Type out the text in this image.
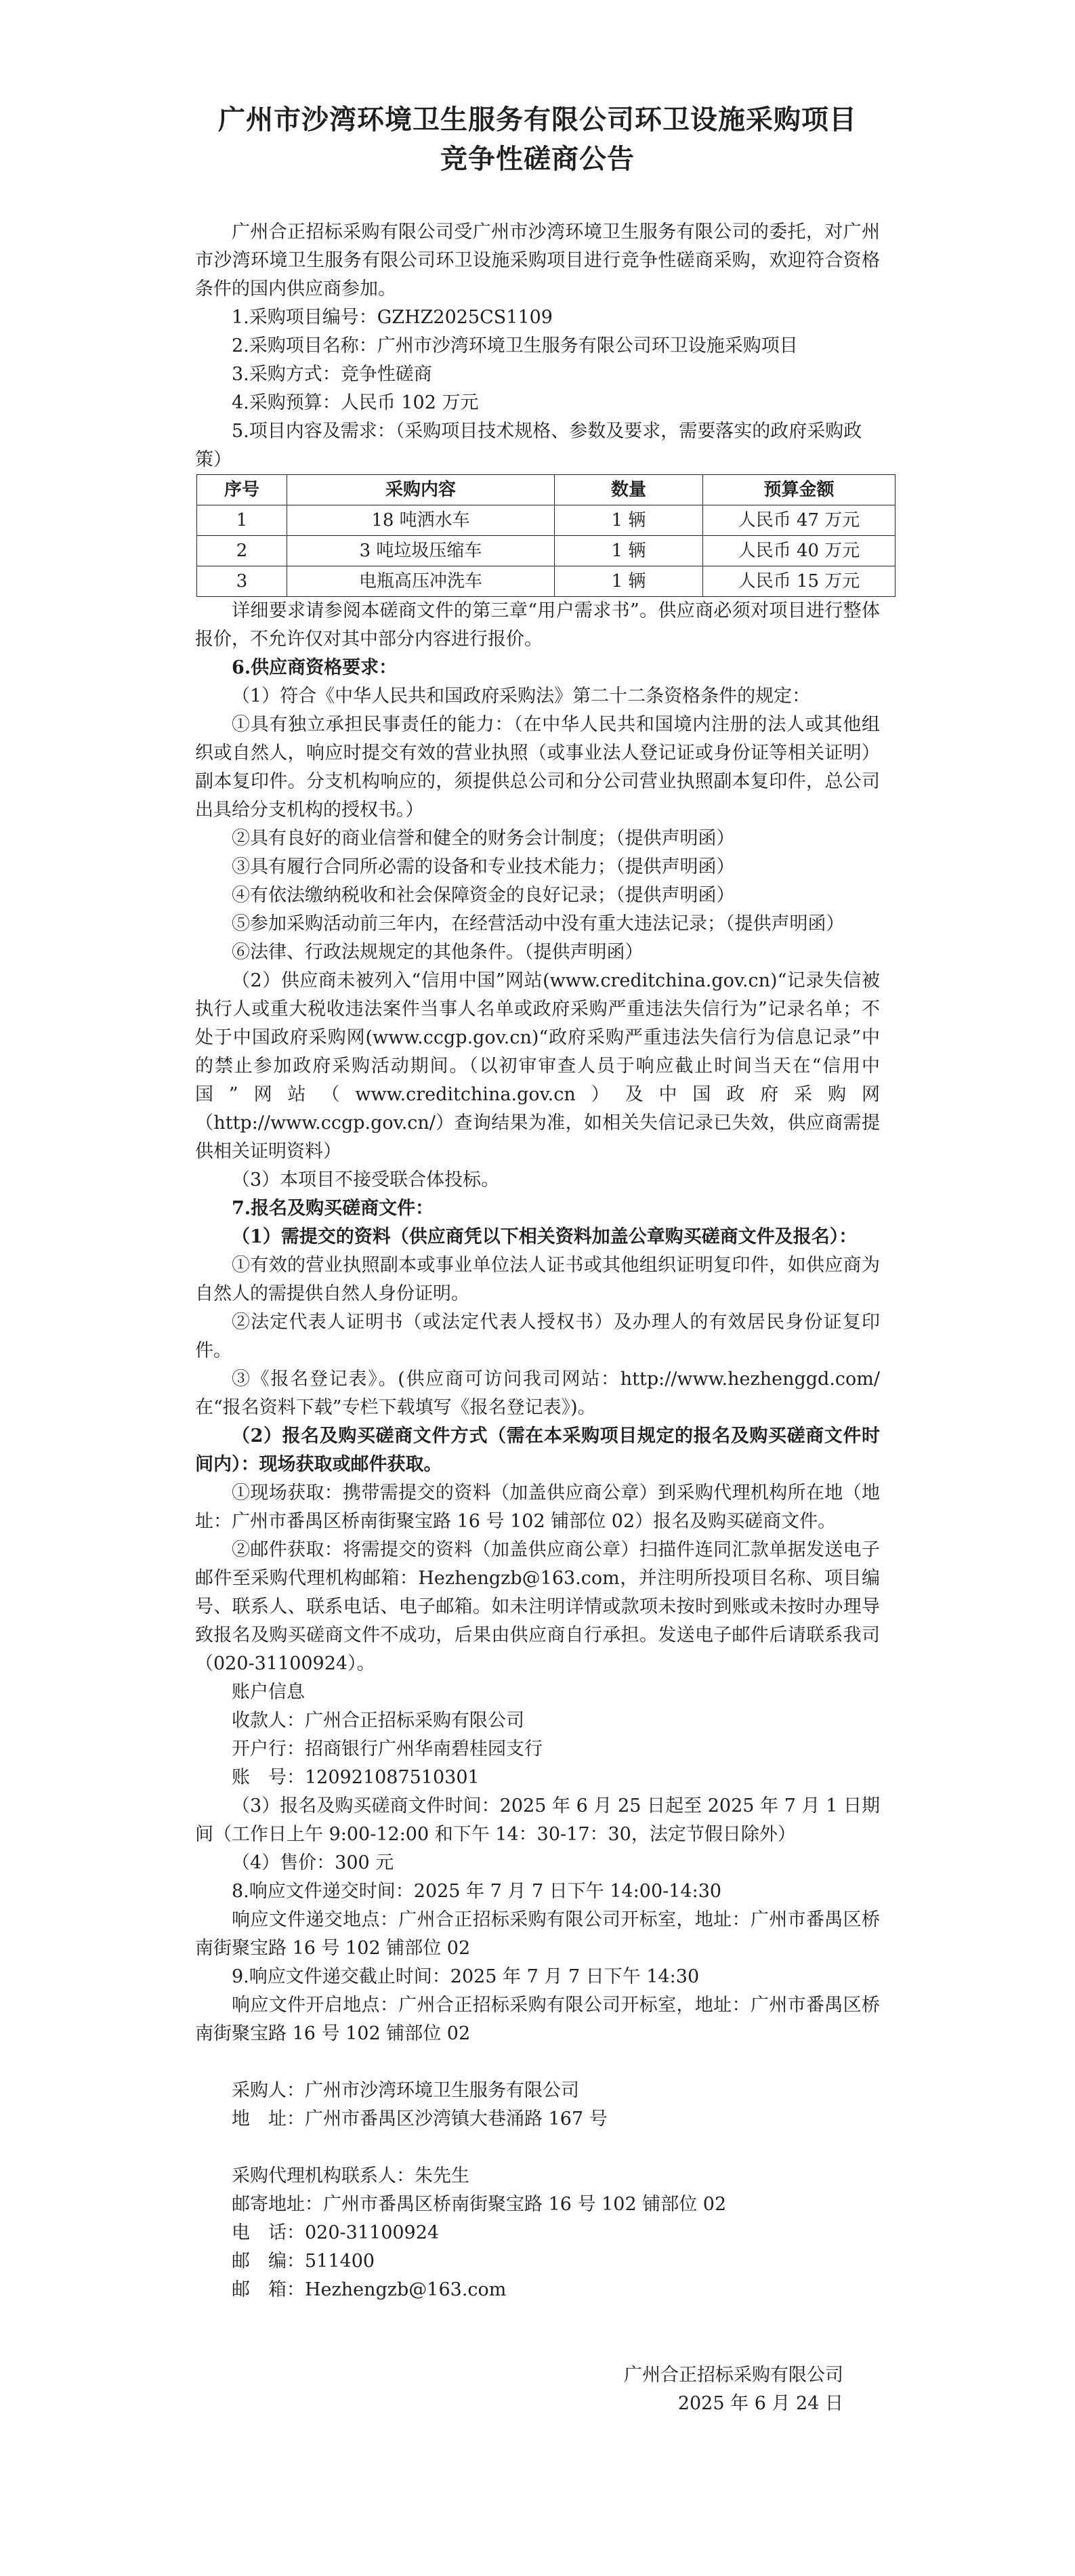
广州市沙湾环境卫生服务有限公司环卫设施采购项目

竞争性磋商公告

广州合正招标采购有限公司受广州市沙湾环境卫生服务有限公司的委托，对广州市沙湾环境卫生服务有限公司环卫设施采购项目进行竞争性磋商采购，欢迎符合资格条件的国内供应商参加。

1.采购项目编号：GZHZ2025CS1109

2.采购项目名称：广州市沙湾环境卫生服务有限公司环卫设施采购项目

3.采购方式：竞争性磋商

4.采购预算：人民币 102 万元

5.项目内容及需求：（采购项目技术规格、参数及要求，需要落实的政府采购政策）

序号	采购内容	数量	预算金额
1	18 吨洒水车	1 辆	人民币 47 万元
2	3 吨垃圾压缩车	1 辆	人民币 40 万元
3	电瓶高压冲洗车	1 辆	人民币 15 万元

详细要求请参阅本磋商文件的第三章“用户需求书”。供应商必须对项目进行整体报价，不允许仅对其中部分内容进行报价。

6.供应商资格要求：

（1）符合《中华人民共和国政府采购法》第二十二条资格条件的规定：

①具有独立承担民事责任的能力：（在中华人民共和国境内注册的法人或其他组织或自然人，响应时提交有效的营业执照（或事业法人登记证或身份证等相关证明）副本复印件。分支机构响应的，须提供总公司和分公司营业执照副本复印件，总公司出具给分支机构的授权书。）

②具有良好的商业信誉和健全的财务会计制度；（提供声明函）

③具有履行合同所必需的设备和专业技术能力；（提供声明函）

④有依法缴纳税收和社会保障资金的良好记录；（提供声明函）

⑤参加采购活动前三年内，在经营活动中没有重大违法记录；（提供声明函）

⑥法律、行政法规规定的其他条件。（提供声明函）

（2）供应商未被列入“信用中国”网站(www.creditchina.gov.cn)“记录失信被执行人或重大税收违法案件当事人名单或政府采购严重违法失信行为”记录名单；不处于中国政府采购网(www.ccgp.gov.cn)“政府采购严重违法失信行为信息记录”中的禁止参加政府采购活动期间。（以初审审查人员于响应截止时间当天在“信用中国”网站（www.creditchina.gov.cn）及中国政府采购网（http://www.ccgp.gov.cn/）查询结果为准，如相关失信记录已失效，供应商需提供相关证明资料）

（3）本项目不接受联合体投标。

7.报名及购买磋商文件：

（1）需提交的资料（供应商凭以下相关资料加盖公章购买磋商文件及报名）：

①有效的营业执照副本或事业单位法人证书或其他组织证明复印件，如供应商为自然人的需提供自然人身份证明。

②法定代表人证明书（或法定代表人授权书）及办理人的有效居民身份证复印件。

③《报名登记表》。(供应商可访问我司网站：http://www.hezhenggd.com/在“报名资料下载”专栏下载填写《报名登记表》)。

（2）报名及购买磋商文件方式（需在本采购项目规定的报名及购买磋商文件时间内）：现场获取或邮件获取。

①现场获取：携带需提交的资料（加盖供应商公章）到采购代理机构所在地（地址：广州市番禺区桥南街聚宝路 16 号 102 铺部位 02）报名及购买磋商文件。

②邮件获取：将需提交的资料（加盖供应商公章）扫描件连同汇款单据发送电子邮件至采购代理机构邮箱：Hezhengzb@163.com，并注明所投项目名称、项目编号、联系人、联系电话、电子邮箱。如未注明详情或款项未按时到账或未按时办理导致报名及购买磋商文件不成功，后果由供应商自行承担。发送电子邮件后请联系我司（020-31100924）。

账户信息

收款人：广州合正招标采购有限公司

开户行：招商银行广州华南碧桂园支行

账　号：120921087510301

（3）报名及购买磋商文件时间：2025 年 6 月 25 日起至 2025 年 7 月 1 日期间（工作日上午 9:00-12:00 和下午 14：30-17：30，法定节假日除外）

（4）售价：300 元

8.响应文件递交时间：2025 年 7 月 7 日下午 14:00-14:30

响应文件递交地点：广州合正招标采购有限公司开标室，地址：广州市番禺区桥南街聚宝路 16 号 102 铺部位 02

9.响应文件递交截止时间：2025 年 7 月 7 日下午 14:30

响应文件开启地点：广州合正招标采购有限公司开标室，地址：广州市番禺区桥南街聚宝路 16 号 102 铺部位 02

采购人：广州市沙湾环境卫生服务有限公司

地　址：广州市番禺区沙湾镇大巷涌路 167 号

采购代理机构联系人：朱先生

邮寄地址：广州市番禺区桥南街聚宝路 16 号 102 铺部位 02

电　话：020-31100924

邮　编：511400

邮　箱：Hezhengzb@163.com

广州合正招标采购有限公司

2025 年 6 月 24 日
